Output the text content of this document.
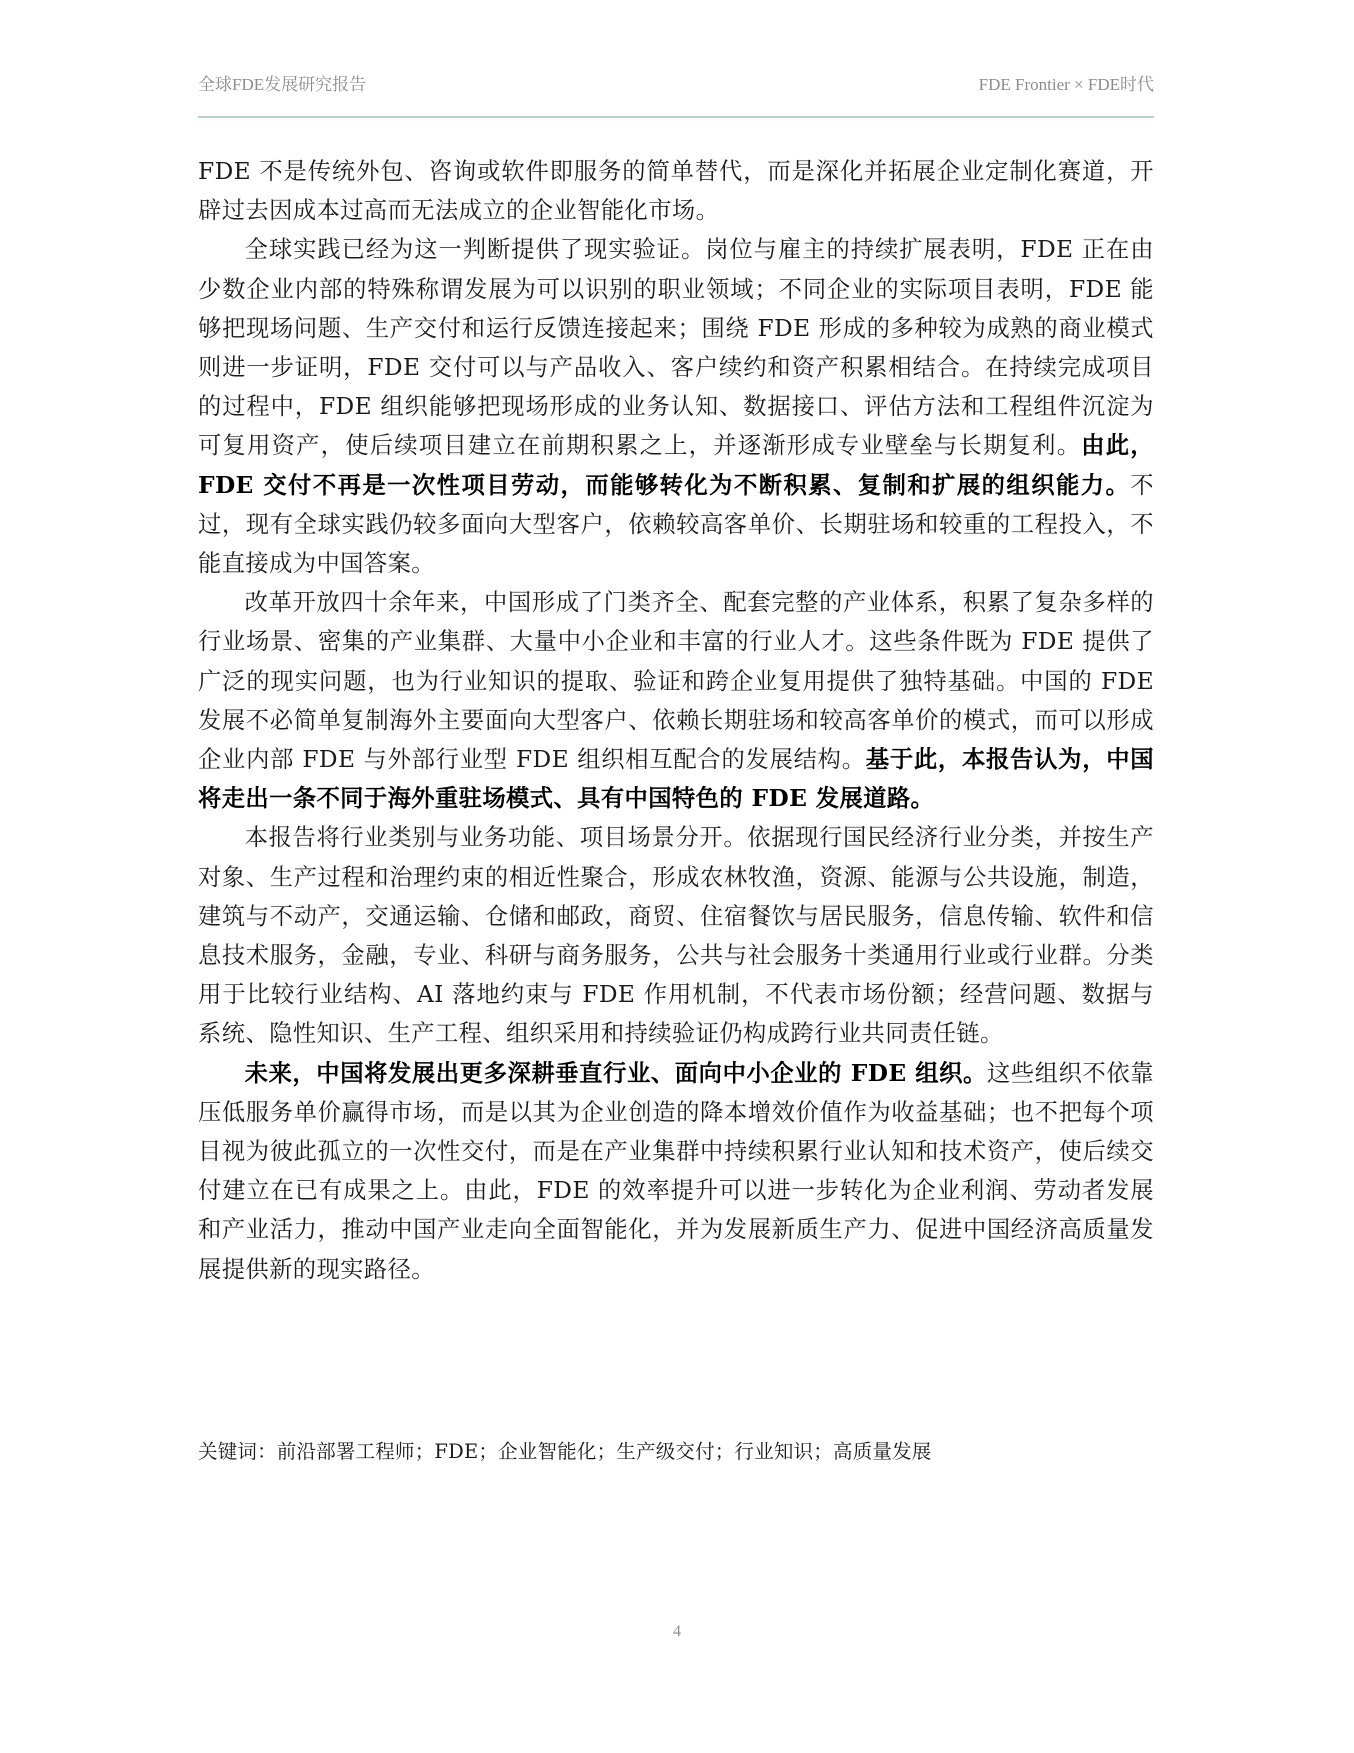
全球FDE发展研究报告	FDE Frontier × FDE时代

FDE 不是传统外包、咨询或软件即服务的简单替代，而是深化并拓展企业定制化赛道，开辟过去因成本过高而无法成立的企业智能化市场。

全球实践已经为这一判断提供了现实验证。岗位与雇主的持续扩展表明，FDE 正在由少数企业内部的特殊称谓发展为可以识别的职业领域；不同企业的实际项目表明，FDE 能够把现场问题、生产交付和运行反馈连接起来；围绕 FDE 形成的多种较为成熟的商业模式则进一步证明，FDE 交付可以与产品收入、客户续约和资产积累相结合。在持续完成项目的过程中，FDE 组织能够把现场形成的业务认知、数据接口、评估方法和工程组件沉淀为可复用资产，使后续项目建立在前期积累之上，并逐渐形成专业壁垒与长期复利。由此，FDE 交付不再是一次性项目劳动，而能够转化为不断积累、复制和扩展的组织能力。不过，现有全球实践仍较多面向大型客户，依赖较高客单价、长期驻场和较重的工程投入，不能直接成为中国答案。

改革开放四十余年来，中国形成了门类齐全、配套完整的产业体系，积累了复杂多样的行业场景、密集的产业集群、大量中小企业和丰富的行业人才。这些条件既为 FDE 提供了广泛的现实问题，也为行业知识的提取、验证和跨企业复用提供了独特基础。中国的 FDE 发展不必简单复制海外主要面向大型客户、依赖长期驻场和较高客单价的模式，而可以形成企业内部 FDE 与外部行业型 FDE 组织相互配合的发展结构。基于此，本报告认为，中国将走出一条不同于海外重驻场模式、具有中国特色的 FDE 发展道路。

本报告将行业类别与业务功能、项目场景分开。依据现行国民经济行业分类，并按生产对象、生产过程和治理约束的相近性聚合，形成农林牧渔，资源、能源与公共设施，制造，建筑与不动产，交通运输、仓储和邮政，商贸、住宿餐饮与居民服务，信息传输、软件和信息技术服务，金融，专业、科研与商务服务，公共与社会服务十类通用行业或行业群。分类用于比较行业结构、AI 落地约束与 FDE 作用机制，不代表市场份额；经营问题、数据与系统、隐性知识、生产工程、组织采用和持续验证仍构成跨行业共同责任链。

未来，中国将发展出更多深耕垂直行业、面向中小企业的 FDE 组织。这些组织不依靠压低服务单价赢得市场，而是以其为企业创造的降本增效价值作为收益基础；也不把每个项目视为彼此孤立的一次性交付，而是在产业集群中持续积累行业认知和技术资产，使后续交付建立在已有成果之上。由此，FDE 的效率提升可以进一步转化为企业利润、劳动者发展和产业活力，推动中国产业走向全面智能化，并为发展新质生产力、促进中国经济高质量发展提供新的现实路径。

关键词：前沿部署工程师；FDE；企业智能化；生产级交付；行业知识；高质量发展
4
